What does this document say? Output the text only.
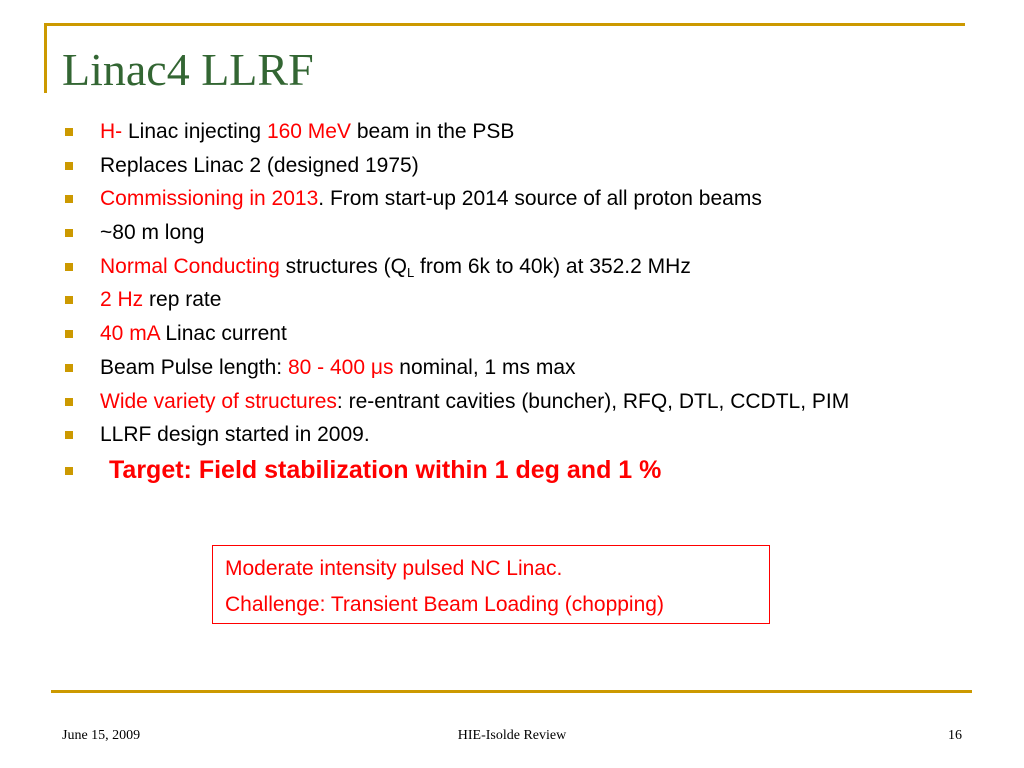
Linac4 LLRF
H- Linac injecting 160 MeV beam in the PSB
Replaces Linac 2 (designed 1975)
Commissioning in 2013. From start-up 2014 source of all proton beams
~80 m long
Normal Conducting structures ($Q_L$ from 6k to 40k) at 352.2 MHz
2 Hz rep rate
40 mA Linac current
Beam Pulse length: 80 - 400 μs nominal, 1 ms max
Wide variety of structures: re-entrant cavities (buncher), RFQ, DTL, CCDTL, PIM
LLRF design started in 2009.
Target: Field stabilization within 1 deg and 1 %
Moderate intensity pulsed NC Linac.
Challenge: Transient Beam Loading (chopping)
June 15, 2009	HIE-Isolde Review	16
